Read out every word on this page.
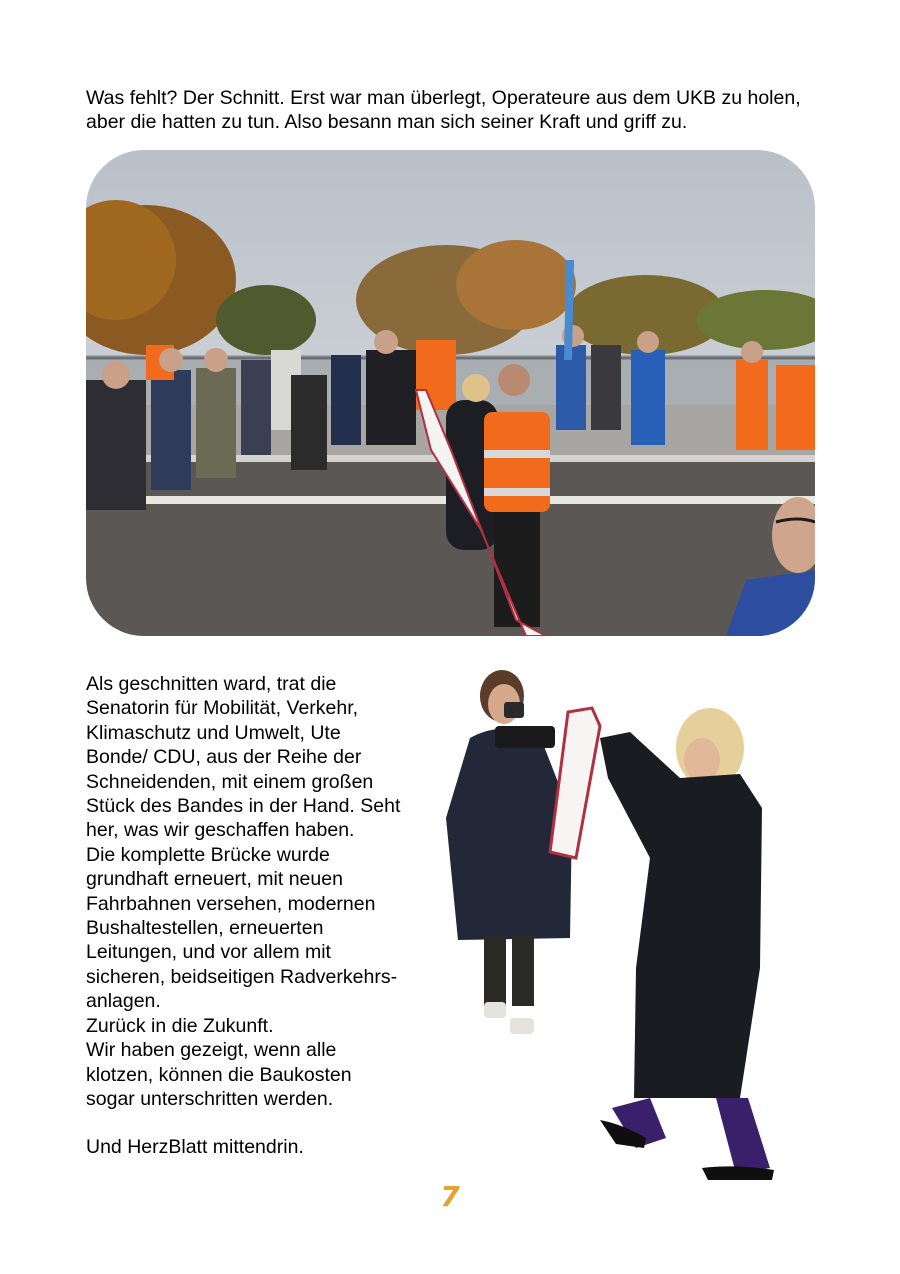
Was fehlt? Der Schnitt. Erst war man überlegt, Operateure aus dem UKB zu holen, aber die hatten zu tun. Also besann man sich seiner Kraft und griff zu.

Als geschnitten ward, trat die

Senatorin für Mobilität, Verkehr,

Klimaschutz und Umwelt, Ute

Bonde/ CDU, aus der Reihe der

Schneidenden, mit einem großen

Stück des Bandes in der Hand. Seht

her, was wir geschaffen haben.

Die komplette Brücke wurde

grundhaft erneuert, mit neuen

Fahrbahnen versehen, modernen

Bushaltestellen, erneuerten

Leitungen, und vor allem mit

sicheren, beidseitigen Radverkehrs-

anlagen.

Zurück in die Zukunft.

Wir haben gezeigt, wenn alle

klotzen, können die Baukosten

sogar unterschritten werden.

Und HerzBlatt mittendrin.

7
